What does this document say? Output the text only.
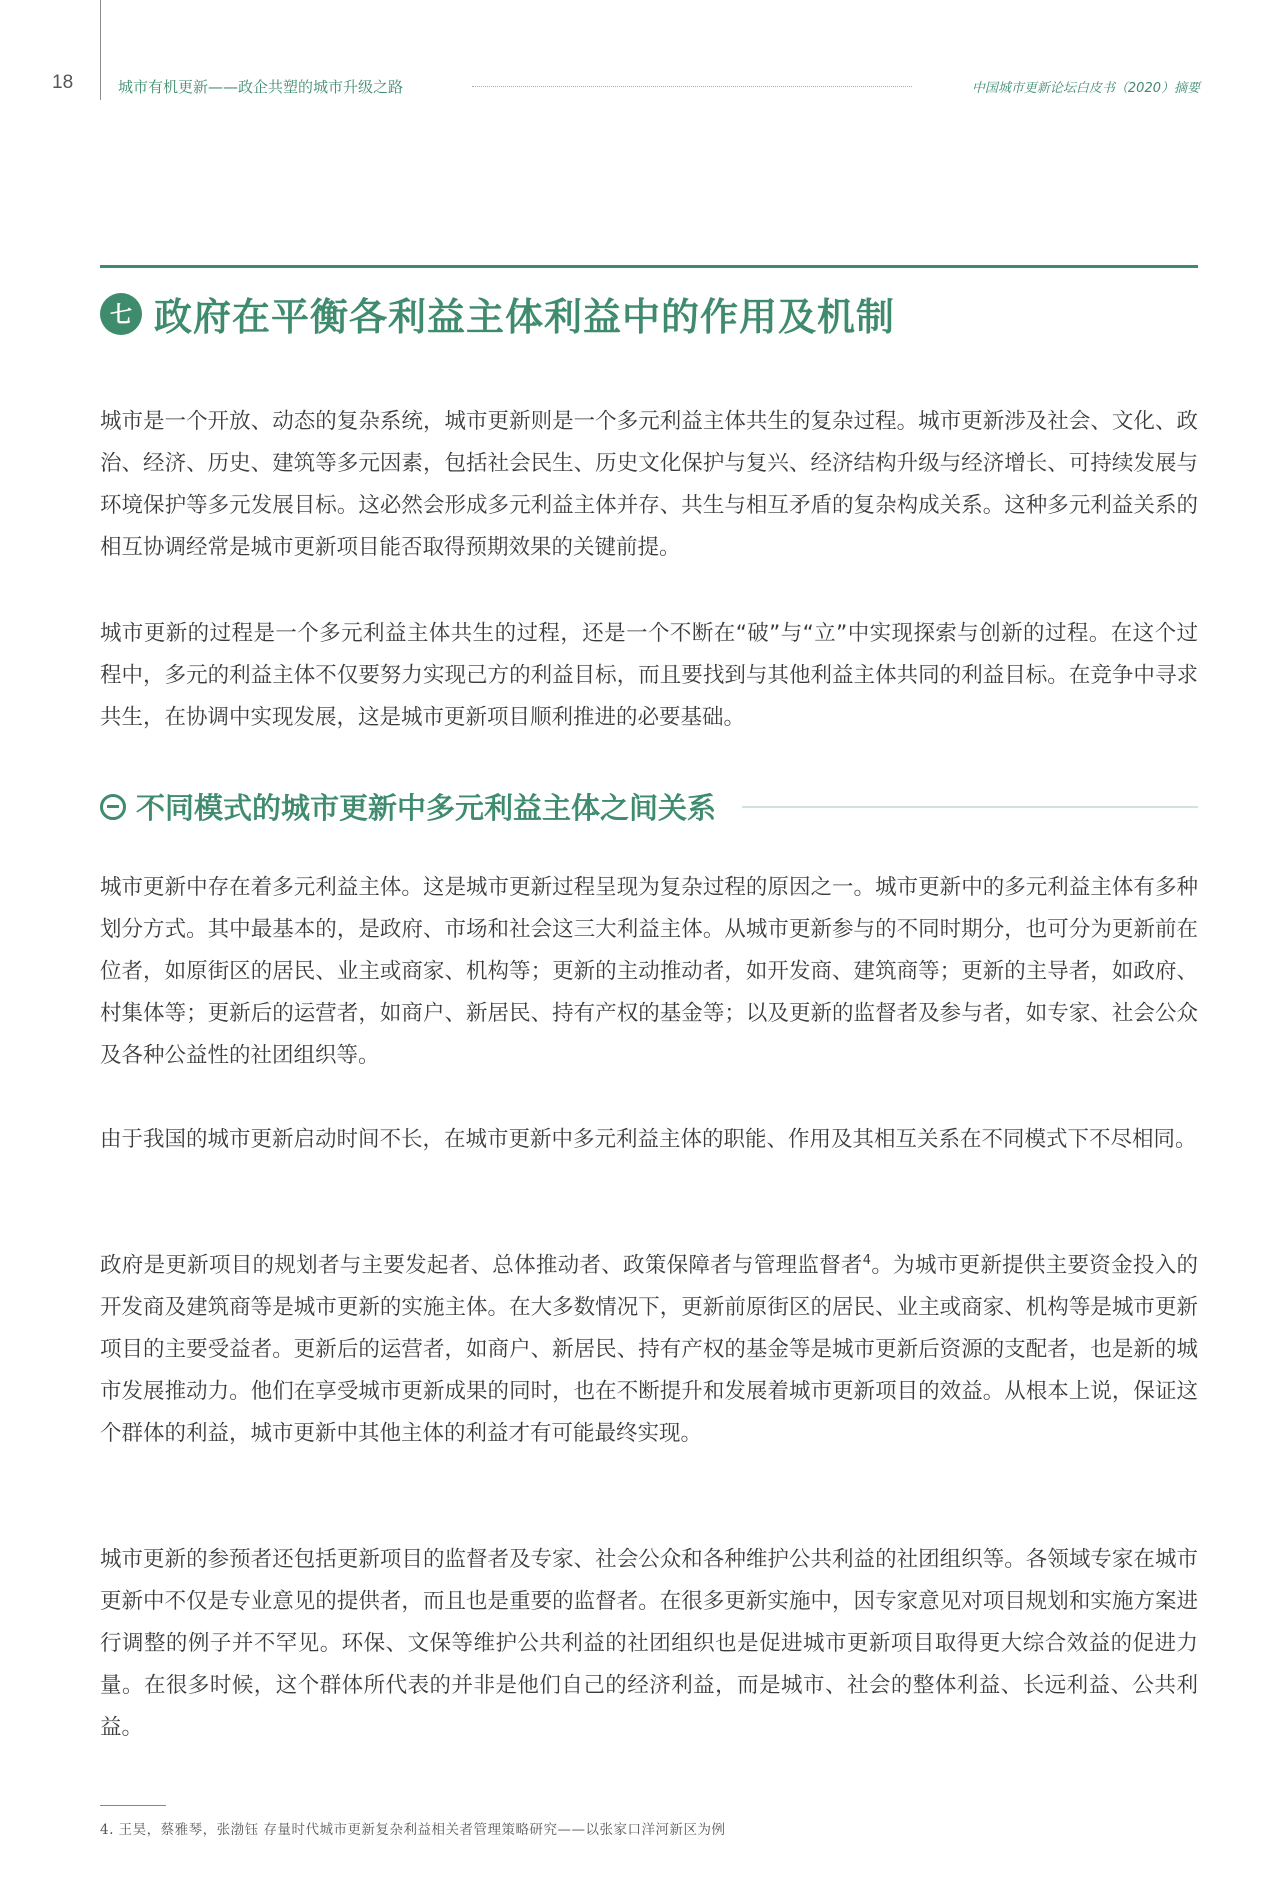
18	城市有机更新——政企共塑的城市升级之路	中国城市更新论坛白皮书（2020）摘要
七 政府在平衡各利益主体利益中的作用及机制
城市是一个开放、动态的复杂系统，城市更新则是一个多元利益主体共生的复杂过程。城市更新涉及社会、文化、政治、经济、历史、建筑等多元因素，包括社会民生、历史文化保护与复兴、经济结构升级与经济增长、可持续发展与环境保护等多元发展目标。这必然会形成多元利益主体并存、共生与相互矛盾的复杂构成关系。这种多元利益关系的相互协调经常是城市更新项目能否取得预期效果的关键前提。
城市更新的过程是一个多元利益主体共生的过程，还是一个不断在“破”与“立”中实现探索与创新的过程。在这个过程中，多元的利益主体不仅要努力实现己方的利益目标，而且要找到与其他利益主体共同的利益目标。在竞争中寻求共生，在协调中实现发展，这是城市更新项目顺利推进的必要基础。
不同模式的城市更新中多元利益主体之间关系
城市更新中存在着多元利益主体。这是城市更新过程呈现为复杂过程的原因之一。城市更新中的多元利益主体有多种划分方式。其中最基本的，是政府、市场和社会这三大利益主体。从城市更新参与的不同时期分，也可分为更新前在位者，如原街区的居民、业主或商家、机构等；更新的主动推动者，如开发商、建筑商等；更新的主导者，如政府、村集体等；更新后的运营者，如商户、新居民、持有产权的基金等；以及更新的监督者及参与者，如专家、社会公众及各种公益性的社团组织等。
由于我国的城市更新启动时间不长，在城市更新中多元利益主体的职能、作用及其相互关系在不同模式下不尽相同。
政府是更新项目的规划者与主要发起者、总体推动者、政策保障者与管理监督者$^4$。为城市更新提供主要资金投入的开发商及建筑商等是城市更新的实施主体。在大多数情况下，更新前原街区的居民、业主或商家、机构等是城市更新项目的主要受益者。更新后的运营者，如商户、新居民、持有产权的基金等是城市更新后资源的支配者，也是新的城市发展推动力。他们在享受城市更新成果的同时，也在不断提升和发展着城市更新项目的效益。从根本上说，保证这个群体的利益，城市更新中其他主体的利益才有可能最终实现。
城市更新的参预者还包括更新项目的监督者及专家、社会公众和各种维护公共利益的社团组织等。各领域专家在城市更新中不仅是专业意见的提供者，而且也是重要的监督者。在很多更新实施中，因专家意见对项目规划和实施方案进行调整的例子并不罕见。环保、文保等维护公共利益的社团组织也是促进城市更新项目取得更大综合效益的促进力量。在很多时候，这个群体所代表的并非是他们自己的经济利益，而是城市、社会的整体利益、长远利益、公共利益。
4. 王昊，蔡雅琴，张渤钰 存量时代城市更新复杂利益相关者管理策略研究——以张家口洋河新区为例
